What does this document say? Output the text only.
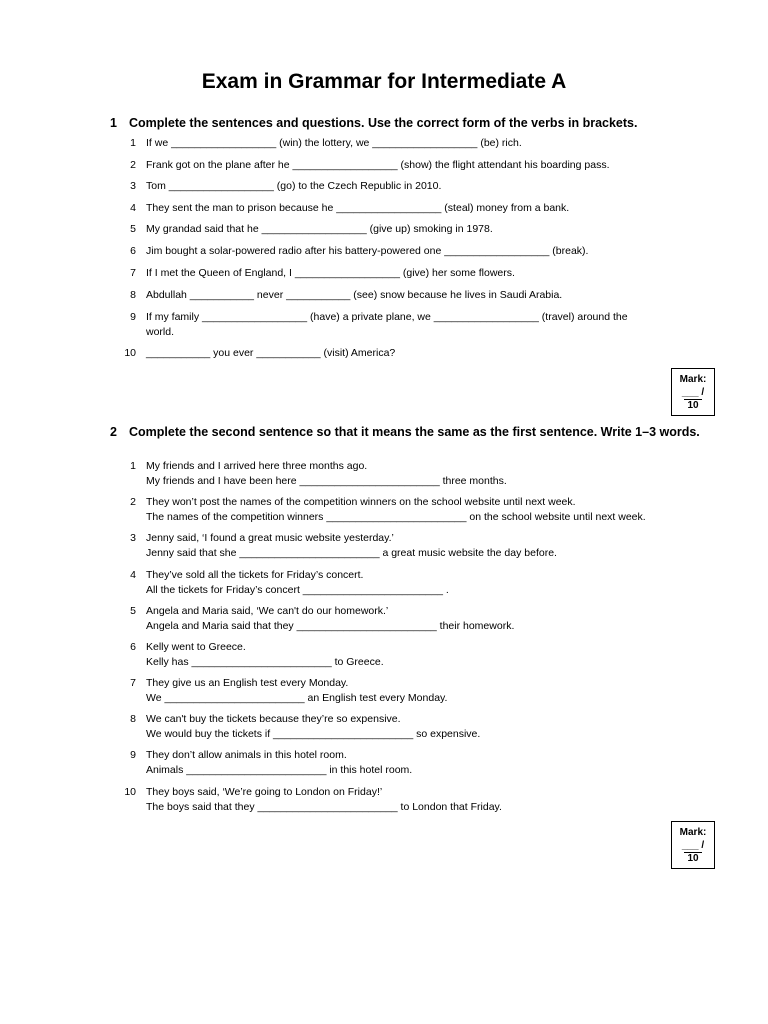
Exam in Grammar for Intermediate A
1 Complete the sentences and questions. Use the correct form of the verbs in brackets.
1 If we __________________ (win) the lottery, we __________________ (be) rich.
2 Frank got on the plane after he __________________ (show) the flight attendant his boarding pass.
3 Tom __________________ (go) to the Czech Republic in 2010.
4 They sent the man to prison because he __________________ (steal) money from a bank.
5 My grandad said that he __________________ (give up) smoking in 1978.
6 Jim bought a solar-powered radio after his battery-powered one __________________ (break).
7 If I met the Queen of England, I __________________ (give) her some flowers.
8 Abdullah ___________ never ___________ (see) snow because he lives in Saudi Arabia.
9 If my family __________________ (have) a private plane, we __________________ (travel) around the
world.
10 ___________ you ever ___________ (visit) America?
Mark:
___ /
10
2 Complete the second sentence so that it means the same as the first sentence. Write 1–3 words.
1 My friends and I arrived here three months ago.
My friends and I have been here ________________________ three months.
2 They won’t post the names of the competition winners on the school website until next week.
The names of the competition winners ________________________ on the school website until next week.
3 Jenny said, ‘I found a great music website yesterday.’
Jenny said that she ________________________ a great music website the day before.
4 They’ve sold all the tickets for Friday’s concert.
All the tickets for Friday’s concert ________________________ .
5 Angela and Maria said, ‘We can't do our homework.’
Angela and Maria said that they ________________________ their homework.
6 Kelly went to Greece.
Kelly has ________________________ to Greece.
7 They give us an English test every Monday.
We ________________________ an English test every Monday.
8 We can't buy the tickets because they’re so expensive.
We would buy the tickets if ________________________ so expensive.
9 They don’t allow animals in this hotel room.
Animals ________________________ in this hotel room.
10 They boys said, ‘We’re going to London on Friday!’
The boys said that they ________________________ to London that Friday.
Mark:
___ /
10
